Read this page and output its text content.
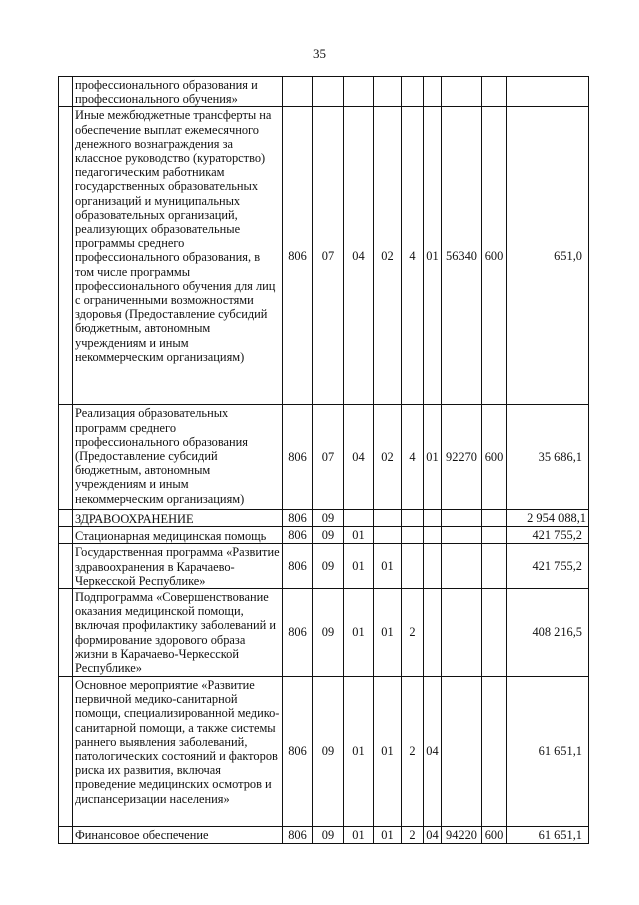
35
	профессионального образования и профессионального обучения»									
	Иные межбюджетные трансферты на обеспечение выплат ежемесячного денежного вознаграждения за классное руководство (кураторство) педагогическим работникам государственных образовательных организаций и муниципальных образовательных организаций, реализующих образовательные программы среднего профессионального образования, в том числе программы профессионального обучения для лиц с ограниченными возможностями здоровья (Предоставление субсидий бюджетным, автономным учреждениям и иным некоммерческим организациям)	806	07	04	02	4	01	56340	600	651,0
	Реализация образовательных программ среднего профессионального образования (Предоставление субсидий бюджетным, автономным учреждениям и иным некоммерческим организациям)	806	07	04	02	4	01	92270	600	35 686,1
	ЗДРАВООХРАНЕНИЕ	806	09							2 954 088,1
	Стационарная медицинская помощь	806	09	01						421 755,2
	Государственная программа «Развитие здравоохранения в Карачаево-Черкесской Республике»	806	09	01	01					421 755,2
	Подпрограмма «Совершенствование оказания медицинской помощи, включая профилактику заболеваний и формирование здорового образа жизни в Карачаево-Черкесской Республике»	806	09	01	01	2				408 216,5
	Основное мероприятие «Развитие первичной медико-санитарной помощи, специализированной медико-санитарной помощи, а также системы раннего выявления заболеваний, патологических состояний и факторов риска их развития, включая проведение медицинских осмотров и диспансеризации населения»	806	09	01	01	2	04			61 651,1
	Финансовое обеспечение	806	09	01	01	2	04	94220	600	61 651,1
